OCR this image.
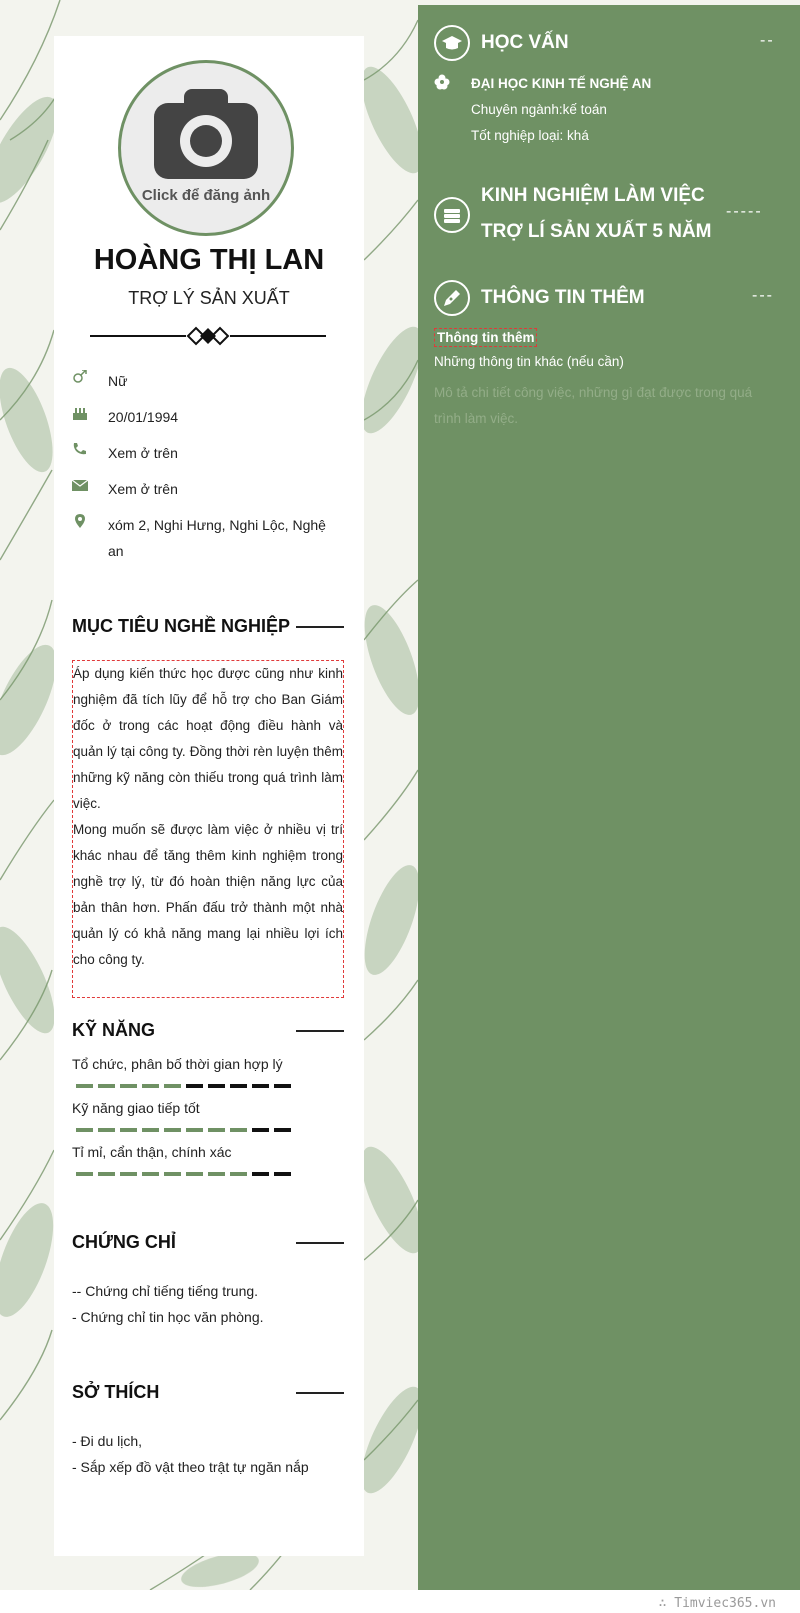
Click để đăng ảnh
HOÀNG THỊ LAN
TRỢ LÝ SẢN XUẤT
Nữ
20/01/1994
Xem ở trên
Xem ở trên
xóm 2, Nghi Hưng, Nghi Lộc, Nghệ an
MỤC TIÊU NGHỀ NGHIỆP

Áp dụng kiến thức học được cũng như kinh nghiệm đã tích lũy để hỗ trợ cho Ban Giám đốc ở trong các hoạt động điều hành và quản lý tại công ty. Đồng thời rèn luyện thêm những kỹ năng còn thiếu trong quá trình làm việc.

Mong muốn sẽ được làm việc ở nhiều vị trí khác nhau để tăng thêm kinh nghiệm trong nghề trợ lý, từ đó hoàn thiện năng lực của bản thân hơn. Phấn đấu trở thành một nhà quản lý có khả năng mang lại nhiều lợi ích cho công ty.

KỸ NĂNG
Tổ chức, phân bố thời gian hợp lý
Kỹ năng giao tiếp tốt
Tỉ mỉ, cẩn thận, chính xác
CHỨNG CHỈ
-- Chứng chỉ tiếng tiếng trung.
- Chứng chỉ tin học văn phòng.
SỞ THÍCH
- Đi du lịch,
- Sắp xếp đồ vật theo trật tự ngăn nắp
HỌC VẤN	--
ĐẠI HỌC KINH TẾ NGHỆ AN
Chuyên ngành:kế toán
Tốt nghiệp loại: khá
KINH NGHIỆM LÀM VIỆC
TRỢ LÍ SẢN XUẤT 5 NĂM
-----
THÔNG TIN THÊM	---
Thông tin thêm
Những thông tin khác (nếu cần)
Mô tả chi tiết công việc, những gì đạt được trong quá trình làm việc.
∴ Timviec365.vn
